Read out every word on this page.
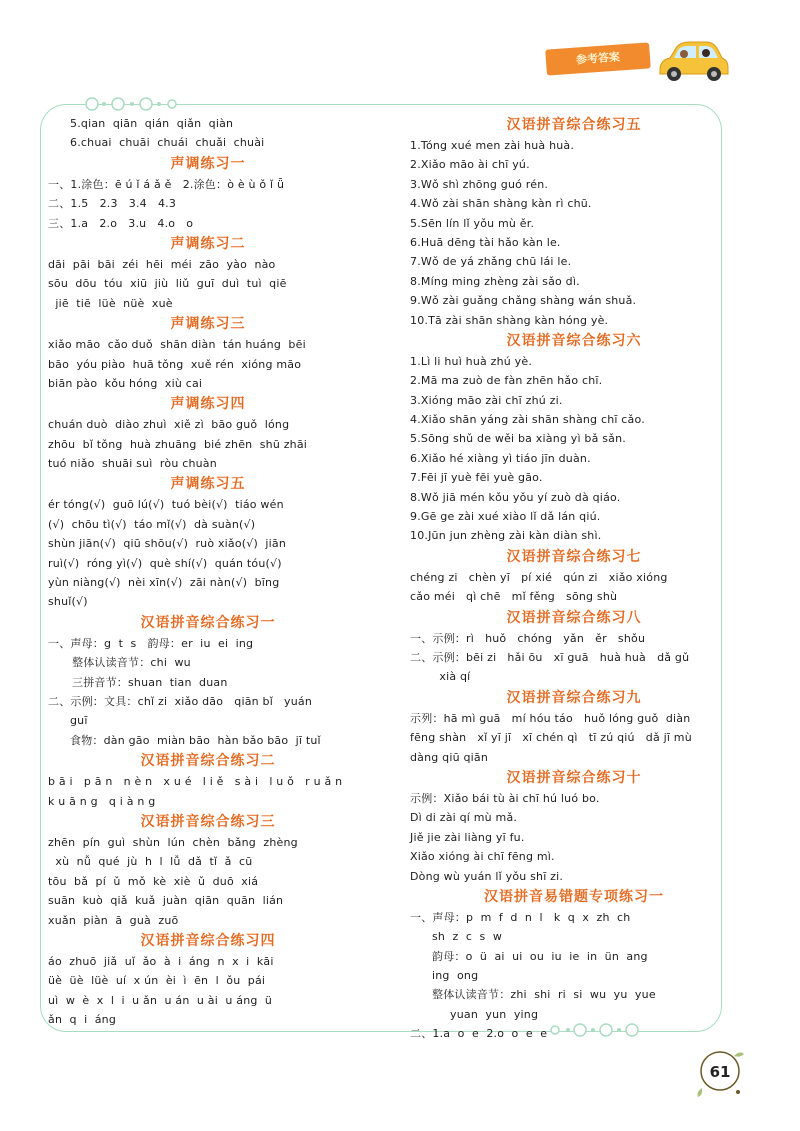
参考答案
5.qian  qiān  qián  qiǎn  qiàn
6.chuai  chuāi  chuái  chuǎi  chuài
声调练习一
一、1.涂色：ē ú ǐ á ǎ ě   2.涂色：ò è ù ǒ ǐ ǖ
二、1.5   2.3   3.4   4.3
三、1.a   2.o   3.u   4.o   o
声调练习二
dāi  pāi  bāi  zéi  hēi  méi  zāo  yào  nào
sōu  dōu  tóu  xiū  jiù  liǔ  guī  duì  tuì  qiē
jiē  tiē  lüè  nüè  xuè
声调练习三
xiǎo māo  cǎo duǒ  shān diàn  tán huáng  bēi
bāo  yóu piào  huā tǒng  xuě rén  xióng māo
biān pào  kǒu hóng  xiù cai
声调练习四
chuán duò  diào zhuì  xiě zì  bāo guǒ  lóng
zhōu  bǐ tǒng  huà zhuāng  bié zhēn  shū zhāi
tuó niǎo  shuāi suì  ròu chuàn
声调练习五
ér tóng(√)  guō lú(√)  tuó bèi(√)  tiáo wén
(√)  chōu tì(√)  táo mǐ(√)  dà suàn(√)
shùn jiān(√)  qiū shōu(√)  ruò xiǎo(√)  jiān
ruì(√)  róng yì(√)  què shí(√)  quán tóu(√)
yùn niàng(√)  nèi xīn(√)  zāi nàn(√)  bīng
shuǐ(√)
汉语拼音综合练习一
一、声母：g  t  s   韵母：er  iu  ei  ing
整体认读音节：chi  wu
三拼音节：shuan  tian  duan
二、示例：文具：chǐ zi  xiǎo dāo   qiān bǐ   yuán
guī
食物：dàn gāo  miàn bāo  hàn bǎo bāo  jī tuǐ
汉语拼音综合练习二
b ā i   p ā n   n è n   x u é   l i ě   s à i   l u ǒ   r u ǎ n
k u ā n g   q i à n g
汉语拼音综合练习三
zhēn  pín  guì  shùn  lún  chèn  bǎng  zhèng
xù  nǚ  qué  jù  h  l  lǚ  dǎ  tǐ  ǎ  cū
tōu  bǎ  pí  ǔ  mǒ  kè  xiè  ǔ  duō  xiá
suān  kuò  qiǎ  kuǎ  juàn  qiān  quān  lián
xuǎn  piàn  ā  guà  zuō
汉语拼音综合练习四
áo  zhuō  jiǎ  uǐ  ǎo  à  i  áng  n  x  i  kāi
üè  üè  lüè  uí  x ún  èi  ì  ēn  l  ǒu  pái
uì  w  è  x  l  i  u ǎn  u án  u ài  u áng  ü
ǎn  q  i  áng
汉语拼音综合练习五
1.Tóng xué men zài huà huà.
2.Xiǎo māo ài chī yú.
3.Wǒ shì zhōng guó rén.
4.Wǒ zài shān shàng kàn rì chū.
5.Sēn lín lǐ yǒu mù ěr.
6.Huā dēng tài hǎo kàn le.
7.Wǒ de yá zhǎng chū lái le.
8.Míng ming zhèng zài sǎo dì.
9.Wǒ zài guǎng chǎng shàng wán shuǎ.
10.Tā zài shān shàng kàn hóng yè.
汉语拼音综合练习六
1.Lì li huì huà zhú yè.
2.Mā ma zuò de fàn zhēn hǎo chī.
3.Xióng māo zài chī zhú zi.
4.Xiǎo shān yáng zài shān shàng chī cǎo.
5.Sōng shǔ de wěi ba xiàng yì bǎ sǎn.
6.Xiǎo hé xiàng yì tiáo jīn duàn.
7.Fēi jī yuè fēi yuè gāo.
8.Wǒ jiā mén kǒu yǒu yí zuò dà qiáo.
9.Gē ge zài xué xiào lǐ dǎ lán qiú.
10.Jūn jun zhèng zài kàn diàn shì.
汉语拼音综合练习七
chéng zi   chèn yī   pí xié   qún zi   xiǎo xióng
cǎo méi   qì chē   mǐ fěng   sōng shù
汉语拼音综合练习八
一、示例：rì   huǒ   chóng   yǎn   ěr   shǒu
二、示例：bēi zi   hǎi ōu   xī guā   huà huà   dǎ gǔ
xià qí
汉语拼音综合练习九
示列：hā mì guā   mí hóu táo   huǒ lóng guǒ  diàn
fēng shàn   xǐ yī jī   xī chén qì   tī zú qiú   dǎ jī mù
dàng qiū qiān
汉语拼音综合练习十
示例：Xiǎo bái tù ài chī hú luó bo.
Dì di zài qí mù mǎ.
Jiě jie zài liàng yī fu.
Xiǎo xióng ài chī fēng mì.
Dòng wù yuán lǐ yǒu shī zi.
汉语拼音易错题专项练习一
一、声母：p  m  f  d  n  l   k  q  x  zh  ch
sh  z  c  s  w
韵母：o  ü  ai  ui  ou  iu  ie  in  ün  ang
ing  ong
整体认读音节：zhi  shi  ri  si  wu  yu  yue
yuan  yun  ying
二、1.a  o  e  2.o  o  e  e
61
